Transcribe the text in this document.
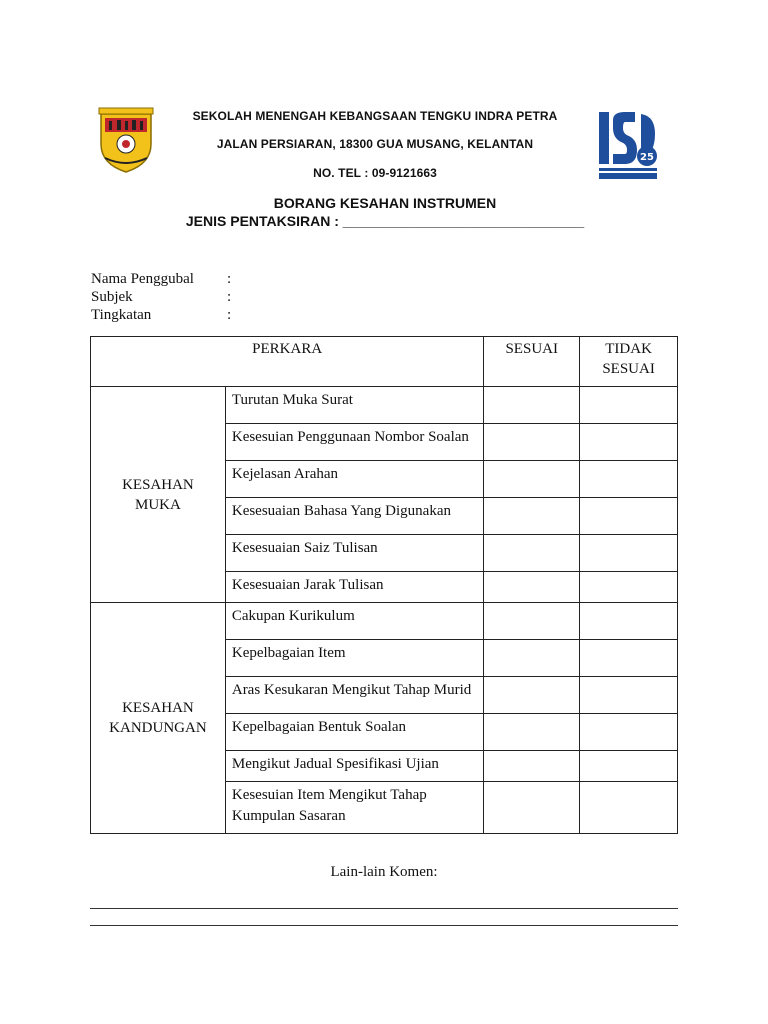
25
SEKOLAH MENENGAH KEBANGSAAN TENGKU INDRA PETRA
JALAN PERSIARAN, 18300 GUA MUSANG, KELANTAN
NO. TEL : 09-9121663
BORANG KESAHAN INSTRUMEN
JENIS PENTAKSIRAN : _______________________________
Nama Penggubal :
Subjek	:
Tingkatan	:
PERKARA		SESUAI	TIDAK
SESUAI
KESAHAN
MUKA	Turutan Muka Surat		
	Kesesuian Penggunaan Nombor Soalan		
	Kejelasan Arahan		
	Kesesuaian Bahasa Yang Digunakan		
	Kesesuaian Saiz Tulisan		
	Kesesuaian Jarak Tulisan		
KESAHAN
KANDUNGAN	Cakupan Kurikulum		
	Kepelbagaian Item		
	Aras Kesukaran Mengikut Tahap Murid		
	Kepelbagaian Bentuk Soalan		
	Mengikut Jadual Spesifikasi Ujian		
	Kesesuian Item Mengikut Tahap Kumpulan Sasaran		
Lain-lain Komen:
